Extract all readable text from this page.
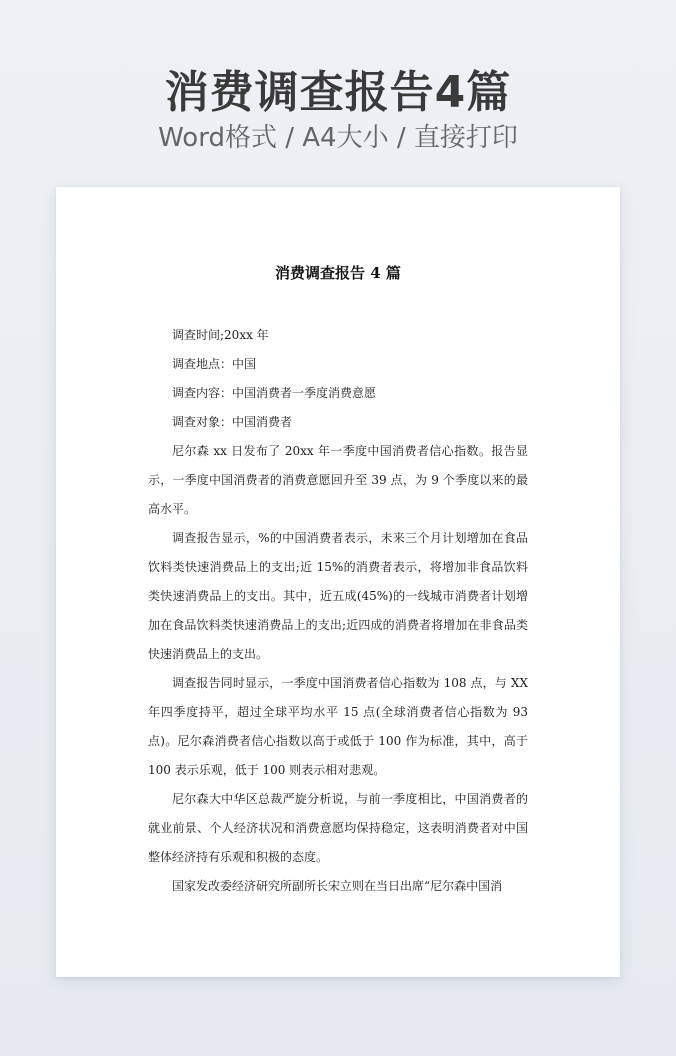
消费调查报告4篇
Word格式 / A4大小 / 直接打印
消费调查报告 4 篇

调查时间;20xx 年

调查地点：中国

调查内容：中国消费者一季度消费意愿

调查对象：中国消费者

尼尔森 xx 日发布了 20xx 年一季度中国消费者信心指数。报告显示，一季度中国消费者的消费意愿回升至 39 点，为 9 个季度以来的最高水平。

调查报告显示，%的中国消费者表示，未来三个月计划增加在食品饮料类快速消费品上的支出;近 15%的消费者表示，将增加非食品饮料类快速消费品上的支出。其中，近五成(45%)的一线城市消费者计划增加在食品饮料类快速消费品上的支出;近四成的消费者将增加在非食品类快速消费品上的支出。

调查报告同时显示，一季度中国消费者信心指数为 108 点，与 XX 年四季度持平，超过全球平均水平 15 点(全球消费者信心指数为 93 点)。尼尔森消费者信心指数以高于或低于 100 作为标准，其中，高于 100 表示乐观，低于 100 则表示相对悲观。

尼尔森大中华区总裁严旋分析说，与前一季度相比，中国消费者的就业前景、个人经济状况和消费意愿均保持稳定，这表明消费者对中国整体经济持有乐观和积极的态度。

国家发改委经济研究所副所长宋立则在当日出席“尼尔森中国消
